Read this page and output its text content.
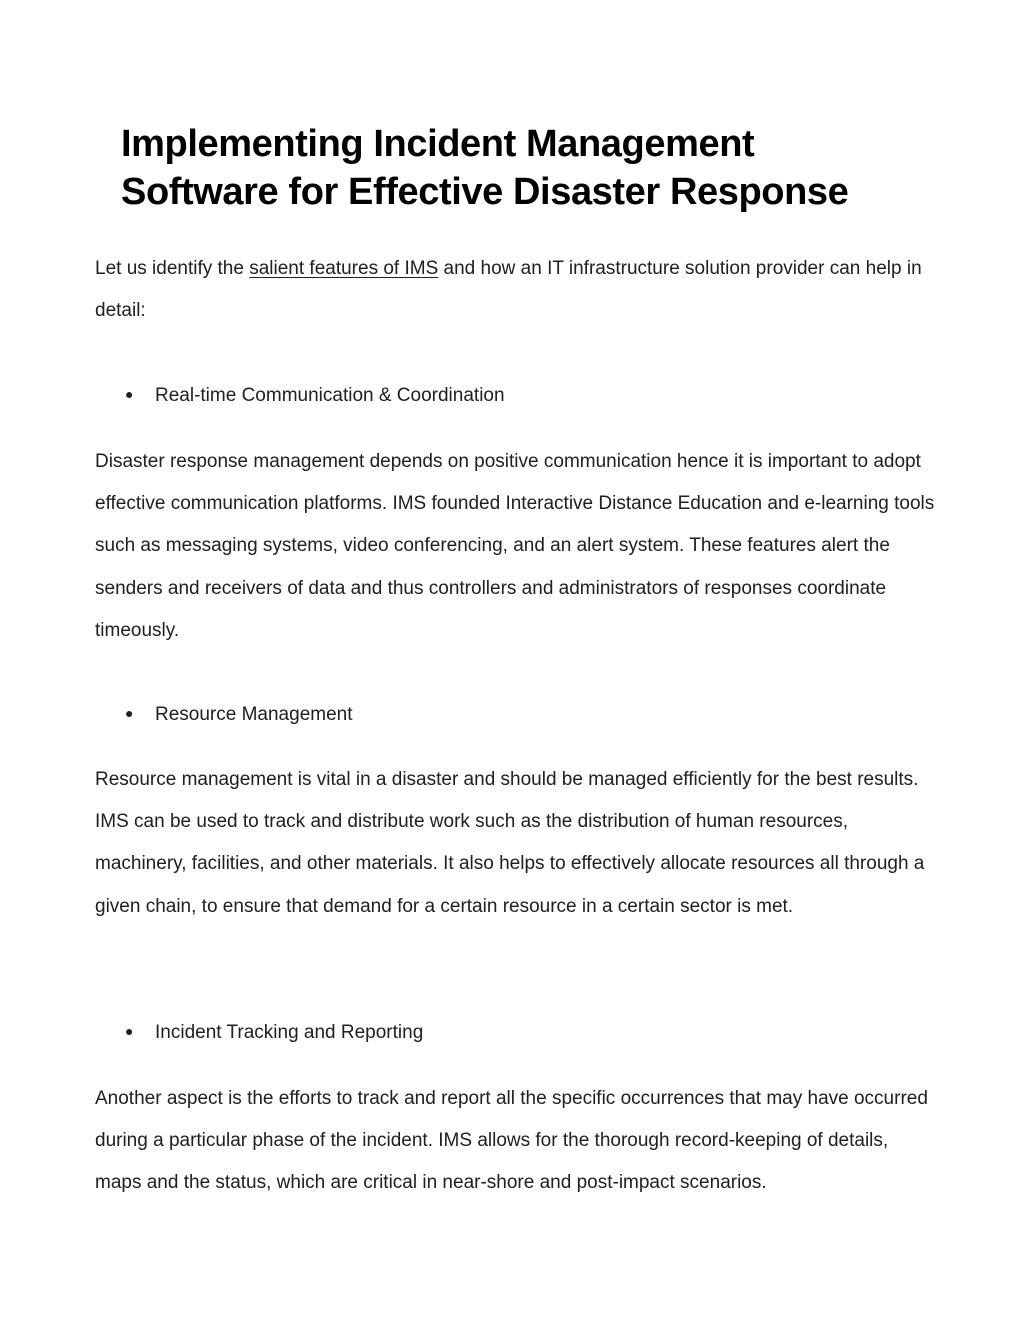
Implementing Incident Management Software for Effective Disaster Response

Let us identify the salient features of IMS and how an IT infrastructure solution provider can help in detail:

● Real-time Communication & Coordination

Disaster response management depends on positive communication hence it is important to adopt effective communication platforms. IMS founded Interactive Distance Education and e-learning tools such as messaging systems, video conferencing, and an alert system. These features alert the senders and receivers of data and thus controllers and administrators of responses coordinate timeously.

● Resource Management

Resource management is vital in a disaster and should be managed efficiently for the best results. IMS can be used to track and distribute work such as the distribution of human resources, machinery, facilities, and other materials. It also helps to effectively allocate resources all through a given chain, to ensure that demand for a certain resource in a certain sector is met.

● Incident Tracking and Reporting

Another aspect is the efforts to track and report all the specific occurrences that may have occurred during a particular phase of the incident. IMS allows for the thorough record-keeping of details, maps and the status, which are critical in near-shore and post-impact scenarios.
